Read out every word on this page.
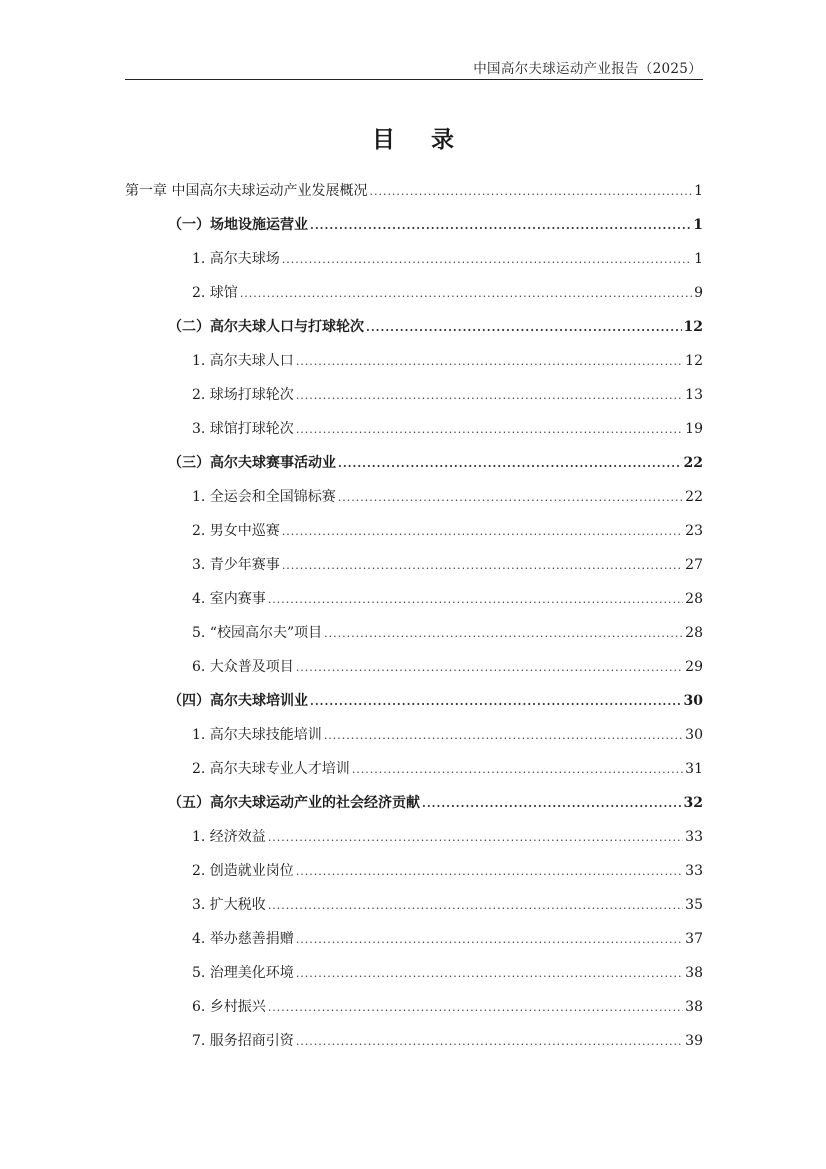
中国高尔夫球运动产业报告（2025）
目 录
第一章 中国高尔夫球运动产业发展概况 .....	1
（一）场地设施运营业 .....	1
1. 高尔夫球场 .....	1
2. 球馆 .....	9
（二）高尔夫球人口与打球轮次 .....	12
1. 高尔夫球人口 .....	12
2. 球场打球轮次 .....	13
3. 球馆打球轮次 .....	19
（三）高尔夫球赛事活动业 .....	22
1. 全运会和全国锦标赛 .....	22
2. 男女中巡赛 .....	23
3. 青少年赛事 .....	27
4. 室内赛事 .....	28
5. “校园高尔夫”项目 .....	28
6. 大众普及项目 .....	29
（四）高尔夫球培训业 .....	30
1. 高尔夫球技能培训 .....	30
2. 高尔夫球专业人才培训 .....	31
（五）高尔夫球运动产业的社会经济贡献 .....	32
1. 经济效益 .....	33
2. 创造就业岗位 .....	33
3. 扩大税收 .....	35
4. 举办慈善捐赠 .....	37
5. 治理美化环境 .....	38
6. 乡村振兴 .....	38
7. 服务招商引资 .....	39
